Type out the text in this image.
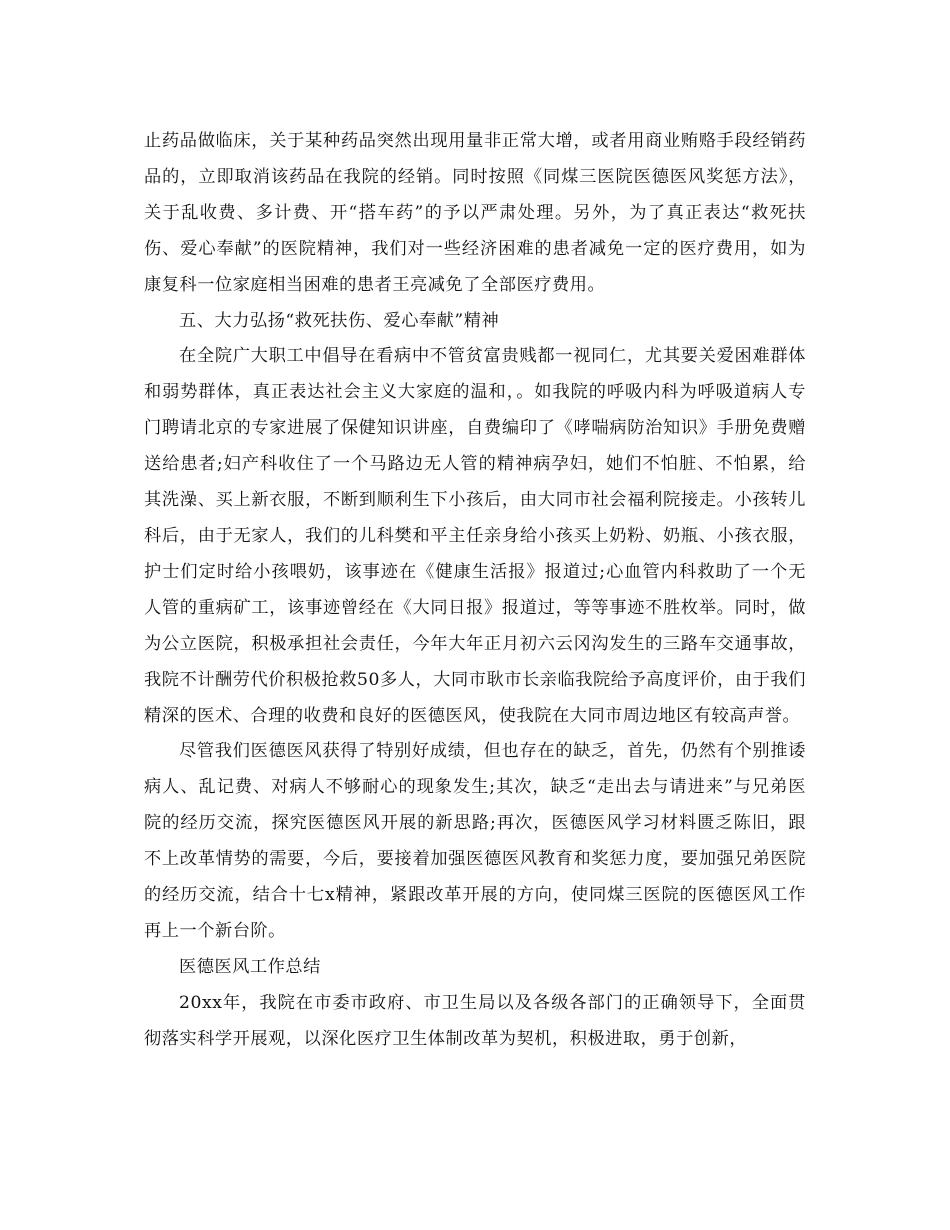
止药品做临床，关于某种药品突然出现用量非正常大增，或者用商业贿赂手段经销药品的，立即取消该药品在我院的经销。同时按照《同煤三医院医德医风奖惩方法》，关于乱收费、多计费、开“搭车药”的予以严肃处理。另外，为了真正表达“救死扶伤、爱心奉献”的医院精神，我们对一些经济困难的患者减免一定的医疗费用，如为康复科一位家庭相当困难的患者王亮减免了全部医疗费用。

五、大力弘扬“救死扶伤、爱心奉献”精神

在全院广大职工中倡导在看病中不管贫富贵贱都一视同仁，尤其要关爱困难群体和弱势群体，真正表达社会主义大家庭的温和，。如我院的呼吸内科为呼吸道病人专门聘请北京的专家进展了保健知识讲座，自费编印了《哮喘病防治知识》手册免费赠送给患者;妇产科收住了一个马路边无人管的精神病孕妇，她们不怕脏、不怕累，给其洗澡、买上新衣服，不断到顺利生下小孩后，由大同市社会福利院接走。小孩转儿科后，由于无家人，我们的儿科樊和平主任亲身给小孩买上奶粉、奶瓶、小孩衣服，护士们定时给小孩喂奶，该事迹在《健康生活报》报道过;心血管内科救助了一个无人管的重病矿工，该事迹曾经在《大同日报》报道过，等等事迹不胜枚举。同时，做为公立医院，积极承担社会责任，今年大年正月初六云冈沟发生的三路车交通事故，我院不计酬劳代价积极抢救50多人，大同市耿市长亲临我院给予高度评价，由于我们精深的医术、合理的收费和良好的医德医风，使我院在大同市周边地区有较高声誉。

尽管我们医德医风获得了特别好成绩，但也存在的缺乏，首先，仍然有个别推诿病人、乱记费、对病人不够耐心的现象发生;其次，缺乏“走出去与请进来”与兄弟医院的经历交流，探究医德医风开展的新思路;再次，医德医风学习材料匮乏陈旧，跟不上改革情势的需要，今后，要接着加强医德医风教育和奖惩力度，要加强兄弟医院的经历交流，结合十七x精神，紧跟改革开展的方向，使同煤三医院的医德医风工作再上一个新台阶。

医德医风工作总结

20xx年，我院在市委市政府、市卫生局以及各级各部门的正确领导下，全面贯彻落实科学开展观，以深化医疗卫生体制改革为契机，积极进取，勇于创新，
